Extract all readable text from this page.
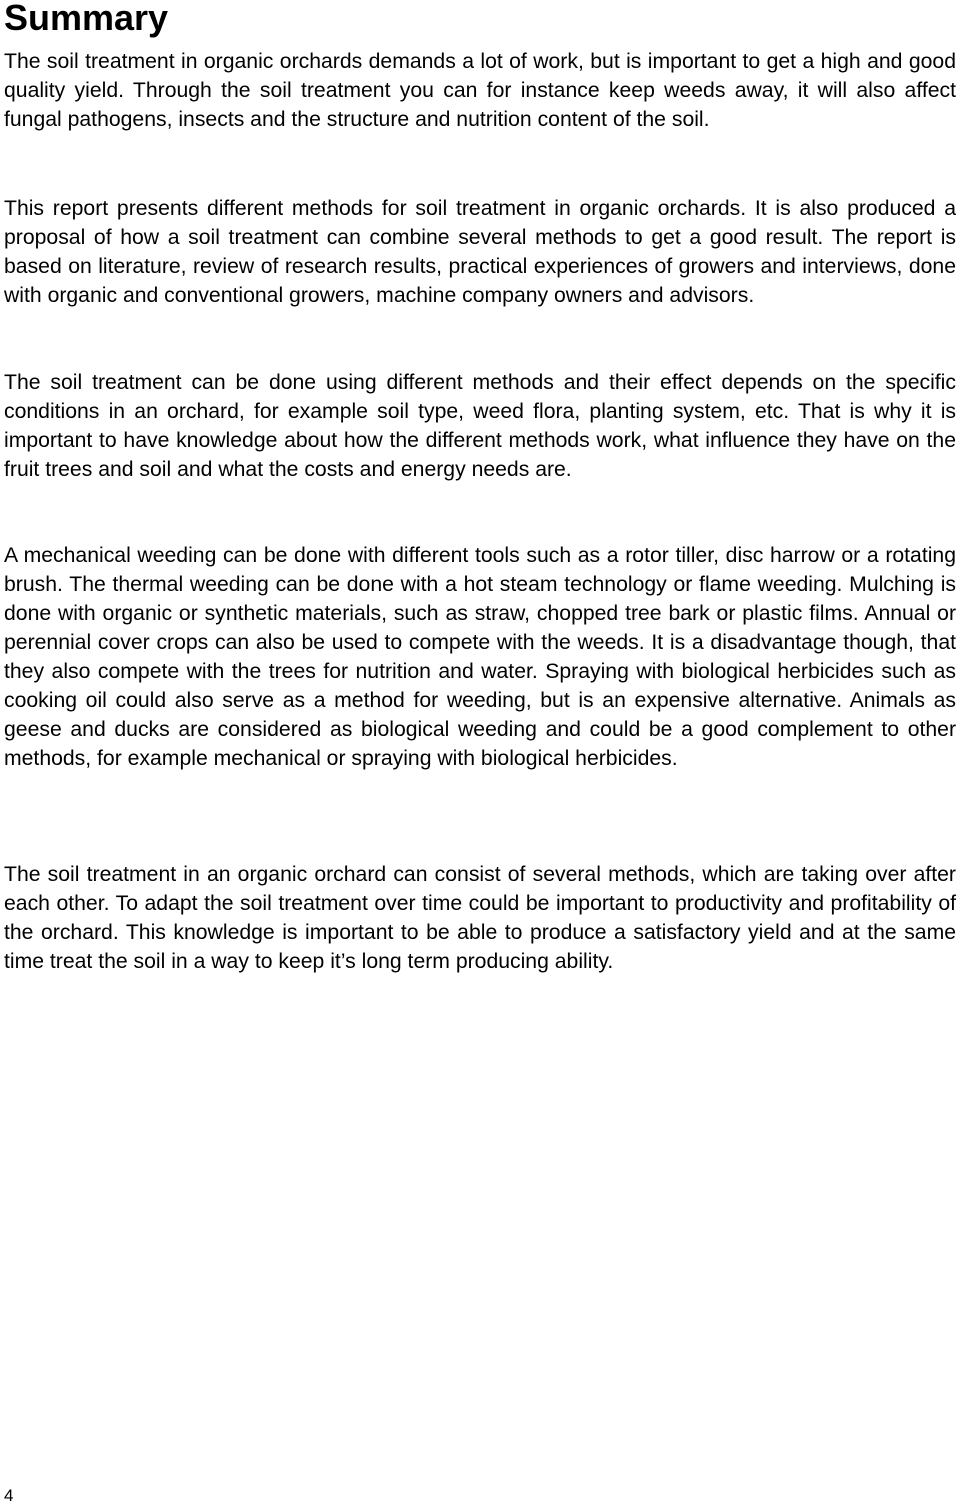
Summary

The soil treatment in organic orchards demands a lot of work, but is important to get a high and good quality yield. Through the soil treatment you can for instance keep weeds away, it will also affect fungal pathogens, insects and the structure and nutrition content of the soil.

This report presents different methods for soil treatment in organic orchards. It is also produced a proposal of how a soil treatment can combine several methods to get a good result. The report is based on literature, review of research results, practical experiences of growers and interviews, done with organic and conventional growers, machine company owners and advisors.

The soil treatment can be done using different methods and their effect depends on the specific conditions in an orchard, for example soil type, weed flora, planting system, etc. That is why it is important to have knowledge about how the different methods work, what influence they have on the fruit trees and soil and what the costs and energy needs are.

A mechanical weeding can be done with different tools such as a rotor tiller, disc harrow or a rotating brush. The thermal weeding can be done with a hot steam technology or flame weeding. Mulching is done with organic or synthetic materials, such as straw, chopped tree bark or plastic films. Annual or perennial cover crops can also be used to compete with the weeds. It is a disadvantage though, that they also compete with the trees for nutrition and water. Spraying with biological herbicides such as cooking oil could also serve as a method for weeding, but is an expensive alternative. Animals as geese and ducks are considered as biological weeding and could be a good complement to other methods, for example mechanical or spraying with biological herbicides.

The soil treatment in an organic orchard can consist of several methods, which are taking over after each other. To adapt the soil treatment over time could be important to productivity and profitability of the orchard. This knowledge is important to be able to produce a satisfactory yield and at the same time treat the soil in a way to keep it’s long term producing ability.

4
